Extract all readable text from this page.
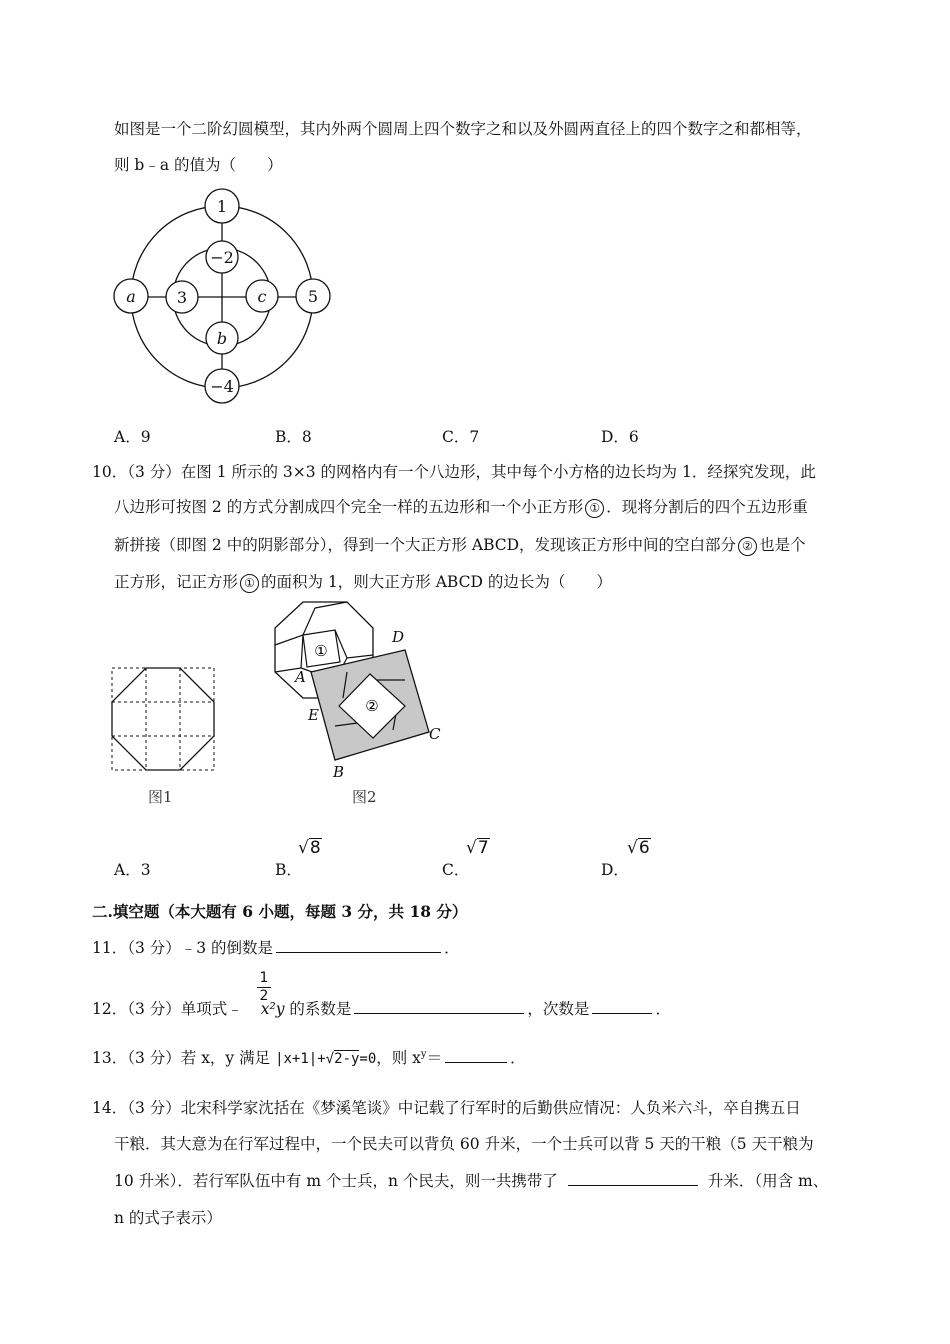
如图是一个二阶幻圆模型，其内外两个圆周上四个数字之和以及外圆两直径上的四个数字之和都相等，
则 b﹣a 的值为（　　）
1
−2
a	3	c	5
b
−4
A．9	B．8	C．7	D．6
10．（3 分）在图 1 所示的 3×3 的网格内有一个八边形，其中每个小方格的边长均为 1．经探究发现，此
八边形可按图 2 的方式分割成四个完全一样的五边形和一个小正方形 ① ．现将分割后的四个五边形重
新拼接（即图 2 中的阴影部分），得到一个大正方形 ABCD，发现该正方形中间的空白部分 ② 也是个
正方形，记正方形 ① 的面积为 1，则大正方形 ABCD 的边长为（　　）
图1
①
②
A
B
C
D
E
图2
A．3	B．
√8
C．
√7
D．
√6
二.填空题（本大题有 6 小题，每题 3 分，共 18 分）
11．（3 分）﹣3 的倒数是	．
$\frac{1}{2}$
12．（3 分）单项式﹣ x²y 的系数是	，次数是	．
13．（3 分）若 x，y 满足 |x+1|+√2-y=0，则 $x^y=$	．
14．（3 分）北宋科学家沈括在《梦溪笔谈》中记载了行军时的后勤供应情况：人负米六斗，卒自携五日
干粮．其大意为在行军过程中，一个民夫可以背负 60 升米，一个士兵可以背 5 天的干粮（5 天干粮为
10 升米）．若行军队伍中有 m 个士兵，n 个民夫，则一共携带了	升米．（用含 m、
n 的式子表示）
